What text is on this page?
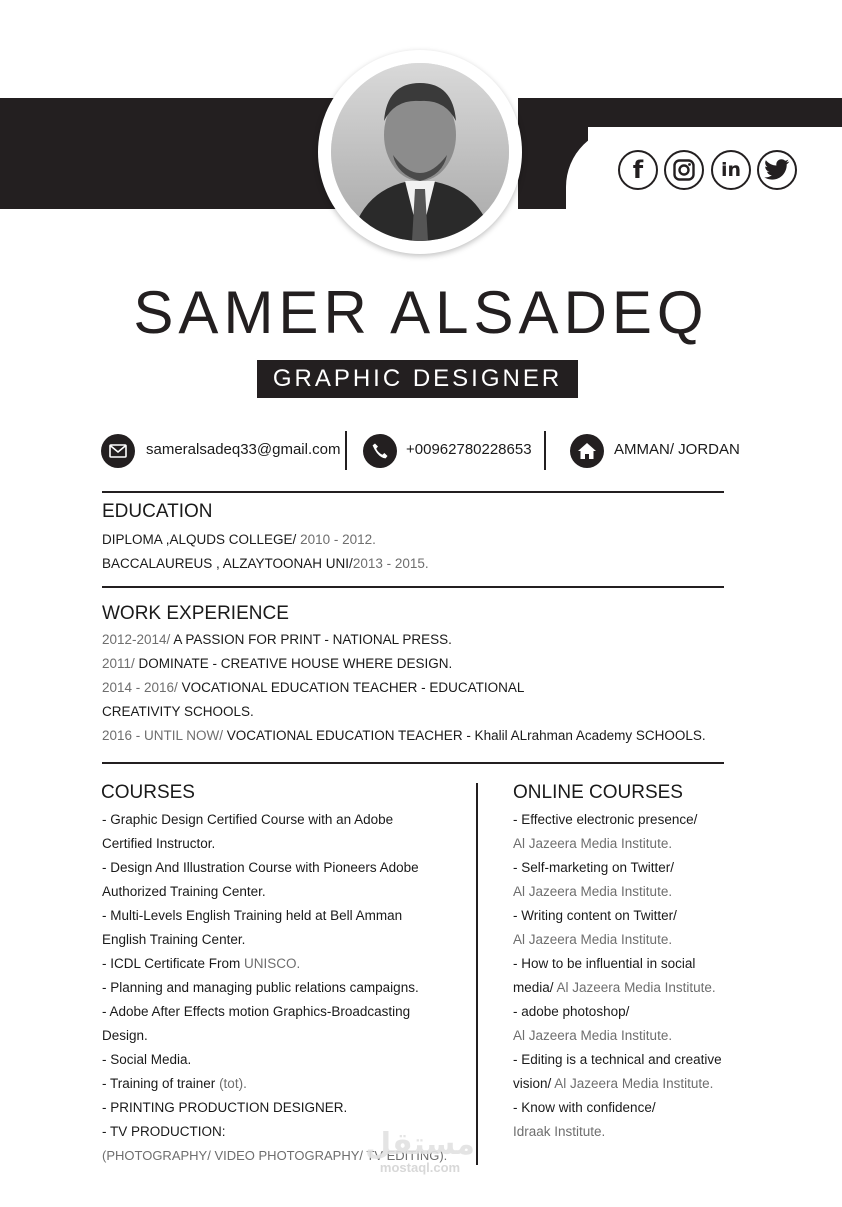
f	in
SAMER ALSADEQ
GRAPHIC DESIGNER
sameralsadeq33@gmail.com	+00962780228653	AMMAN/ JORDAN
EDUCATION
DIPLOMA ,ALQUDS COLLEGE/ 2010 - 2012.
BACCALAUREUS , ALZAYTOONAH UNI/2013 - 2015.
WORK EXPERIENCE
2012-2014/ A PASSION FOR PRINT - NATIONAL PRESS.
2011/ DOMINATE - CREATIVE HOUSE WHERE DESIGN.
2014 - 2016/ VOCATIONAL EDUCATION TEACHER - EDUCATIONAL
CREATIVITY SCHOOLS.
2016 - UNTIL NOW/ VOCATIONAL EDUCATION TEACHER - Khalil ALrahman Academy SCHOOLS.
COURSES
- Graphic Design Certified Course with an Adobe
Certified Instructor.
- Design And Illustration Course with Pioneers Adobe
Authorized Training Center.
- Multi-Levels English Training held at Bell Amman
English Training Center.
- ICDL Certificate From UNISCO.
- Planning and managing public relations campaigns.
- Adobe After Effects motion Graphics-Broadcasting
Design.
- Social Media.
- Training of trainer (tot).
- PRINTING PRODUCTION DESIGNER.
- TV PRODUCTION:
(PHOTOGRAPHY/ VIDEO PHOTOGRAPHY/ TV EDITING).
ONLINE COURSES
- Effective electronic presence/
Al Jazeera Media Institute.
- Self-marketing on Twitter/
Al Jazeera Media Institute.
- Writing content on Twitter/
Al Jazeera Media Institute.
- How to be influential in social
media/ Al Jazeera Media Institute.
- adobe photoshop/
Al Jazeera Media Institute.
- Editing is a technical and creative
vision/ Al Jazeera Media Institute.
- Know with confidence/
Idraak Institute.
مستقل
mostaql.com
